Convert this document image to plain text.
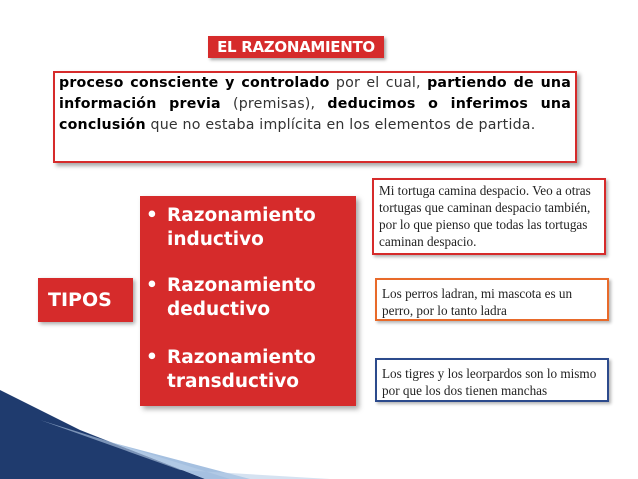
EL RAZONAMIENTO
proceso consciente y controlado por el cual, partiendo de una información previa (premisas), deducimos o inferimos una conclusión que no estaba implícita en los elementos de partida.
TIPOS
• Razonamiento inductivo
• Razonamiento deductivo
• Razonamiento transductivo
Mi tortuga camina despacio. Veo a otras tortugas que caminan despacio también, por lo que pienso que todas las tortugas caminan despacio.
Los perros ladran, mi mascota es un perro, por lo tanto ladra
Los tigres y los leorpardos son lo mismo por que los dos tienen manchas
